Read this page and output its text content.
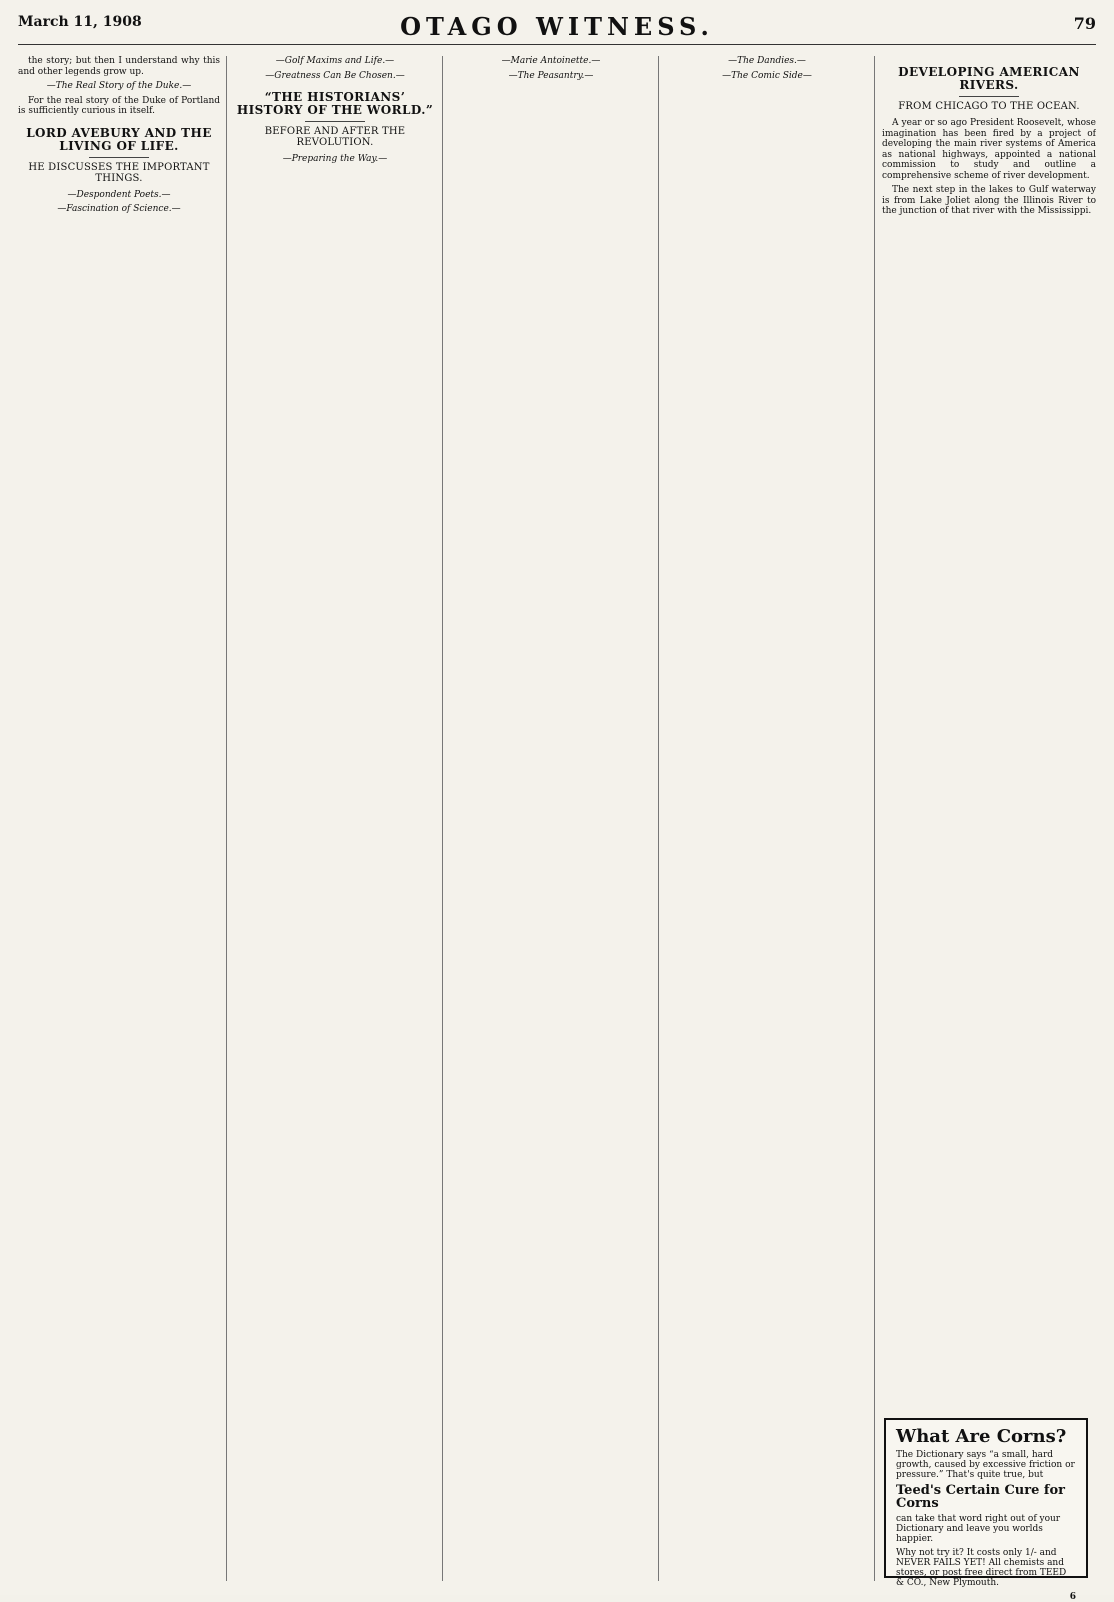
March 11, 1908	OTAGO WITNESS.	79

the story; but then I understand why this and other legends grow up.

—The Real Story of the Duke.—

For the real story of the Duke of Portland is sufficiently curious in itself.

LORD AVEBURY AND THE LIVING OF LIFE.
HE DISCUSSES THE IMPORTANT THINGS.

—Despondent Poets.—

—Fascination of Science.—

—Golf Maxims and Life.—

—Greatness Can Be Chosen.—

“THE HISTORIANS’ HISTORY OF THE WORLD.”
BEFORE AND AFTER THE REVOLUTION.

—Preparing the Way.—

—Marie Antoinette.—

—The Peasantry.—

—The Dandies.—

—The Comic Side—	DEVELOPING AMERICAN RIVERS.
FROM CHICAGO TO THE OCEAN.

A year or so ago President Roosevelt, whose imagination has been fired by a project of developing the main river systems of America as national highways, appointed a national commission to study and outline a comprehensive scheme of river development.

The next step in the lakes to Gulf waterway is from Lake Joliet along the Illinois River to the junction of that river with the Mississippi.

What Are Corns?
The Dictionary says “a small, hard growth, caused by excessive friction or pressure.” That's quite true, but
Teed's Certain Cure for Corns
can take that word right out of your Dictionary and leave you worlds happier.
Why not try it? It costs only 1/- and NEVER FAILS YET! All chemists and stores, or post free direct from TEED & CO., New Plymouth.
6
